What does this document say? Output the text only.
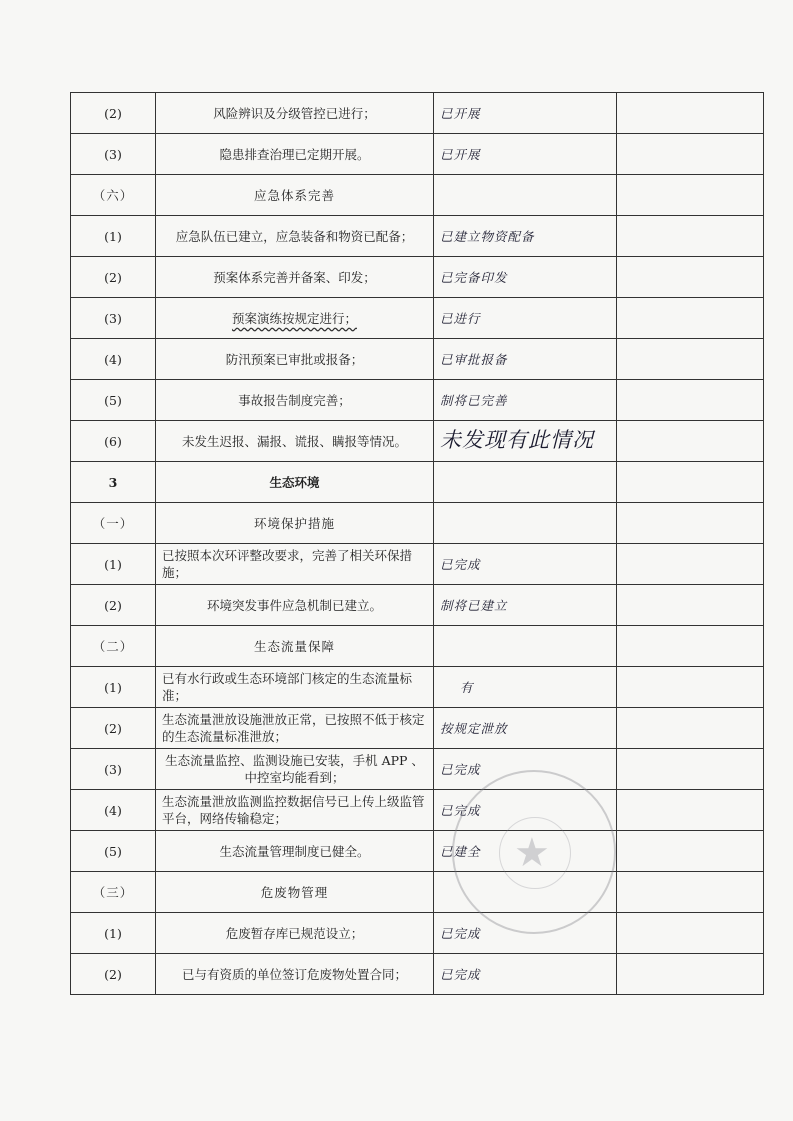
(2)	风险辨识及分级管控已进行；	已开展	
(3)	隐患排查治理已定期开展。	已开展	
（六）	应急体系完善		
(1)	应急队伍已建立，应急装备和物资已配备；	已建立物资配备	
(2)	预案体系完善并备案、印发；	已完备印发	
(3)	预案演练按规定进行；	已进行	
(4)	防汛预案已审批或报备；	已审批报备	
(5)	事故报告制度完善；	制将已完善	
(6)	未发生迟报、漏报、谎报、瞒报等情况。	未发现有此情况	
3	生态环境		
（一）	环境保护措施		
(1)	已按照本次环评整改要求，完善了相关环保措施；	已完成	
(2)	环境突发事件应急机制已建立。	制将已建立	
（二）	生态流量保障		
(1)	已有水行政或生态环境部门核定的生态流量标准；	有	
(2)	生态流量泄放设施泄放正常，已按照不低于核定的生态流量标准泄放；	按规定泄放	
(3)	生态流量监控、监测设施已安装，手机 APP 、中控室均能看到；	已完成	
(4)	生态流量泄放监测监控数据信号已上传上级监管平台，网络传输稳定；	已完成	
(5)	生态流量管理制度已健全。	已建全	
（三）	危废物管理		
(1)	危废暂存库已规范设立；	已完成	
(2)	已与有资质的单位签订危废物处置合同；	已完成	
★
